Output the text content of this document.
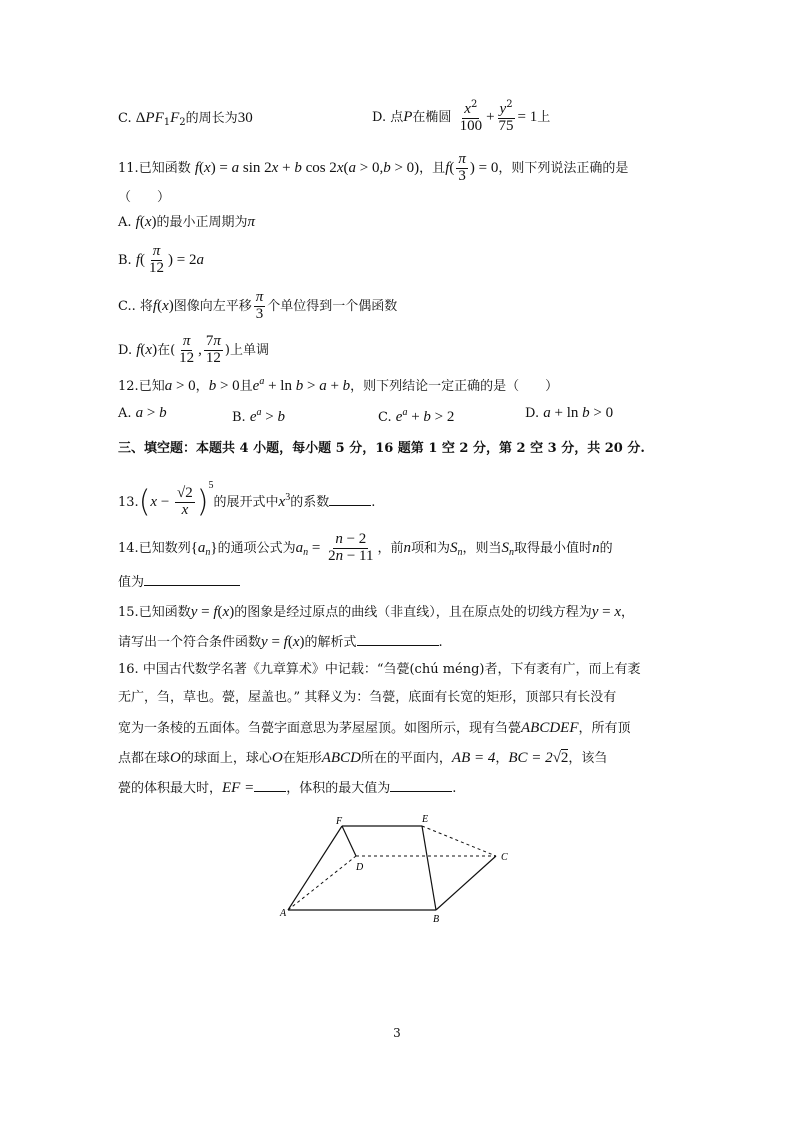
C. $\Delta PF_1F_2$的周长为30	D. 点P在椭圆 $\frac{x^2}{100} + \frac{y^2}{75} = 1$上
11.已知函数 f(x) = a sin 2x + b cos 2x(a > 0,b > 0)，且$f( \frac{\pi}{3}$ ) = 0，则下列说法正确的是
（　　）
A. f(x)的最小正周期为π
B. $f( \frac{\pi}{12}$ ) = 2a
C.. 将f(x)图像向左平移 $\frac{\pi}{3}$ 个单位得到一个偶函数
D. f(x)在( $\frac{\pi}{12}$ , $\frac{7\pi}{12}$ )上单调
12.已知a > 0，b > 0且$e^a + \ln b > a + b$，则下列结论一定正确的是（　　）
A. a > b	B. $e^a > b$	C. $e^a + b > 2$	D. a + ln b > 0
三、填空题：本题共 4 小题，每小题 5 分，16 题第 1 空 2 分，第 2 空 3 分，共 20 分.
$13.(x - \frac{√2}{x} )^5$的展开式中$x^3$的系数	.
14.已知数列$\{a_n\}$的通项公式为$a_n = \frac{n - 2}{2n - 11}$ ，前n项和为$S_n$，则当$S_n$取得最小值时n的
值为
15.已知函数y = f(x)的图象是经过原点的曲线（非直线），且在原点处的切线方程为y = x，
请写出一个符合条件函数y = f(x)的解析式	.
16. 中国古代数学名著《九章算术》中记载：“刍甍(chú méng)者，下有袤有广，而上有袤
无广，刍，草也。甍，屋盖也。” 其释义为：刍甍，底面有长宽的矩形，顶部只有长没有
宽为一条棱的五面体。刍甍字面意思为茅屋屋顶。如图所示，现有刍甍ABCDEF，所有顶
点都在球O的球面上，球心O在矩形ABCD所在的平面内，AB = 4，BC = 2√2，该刍
甍的体积最大时，EF = ，体积的最大值为	.
F	E
C
D
A
B
3
